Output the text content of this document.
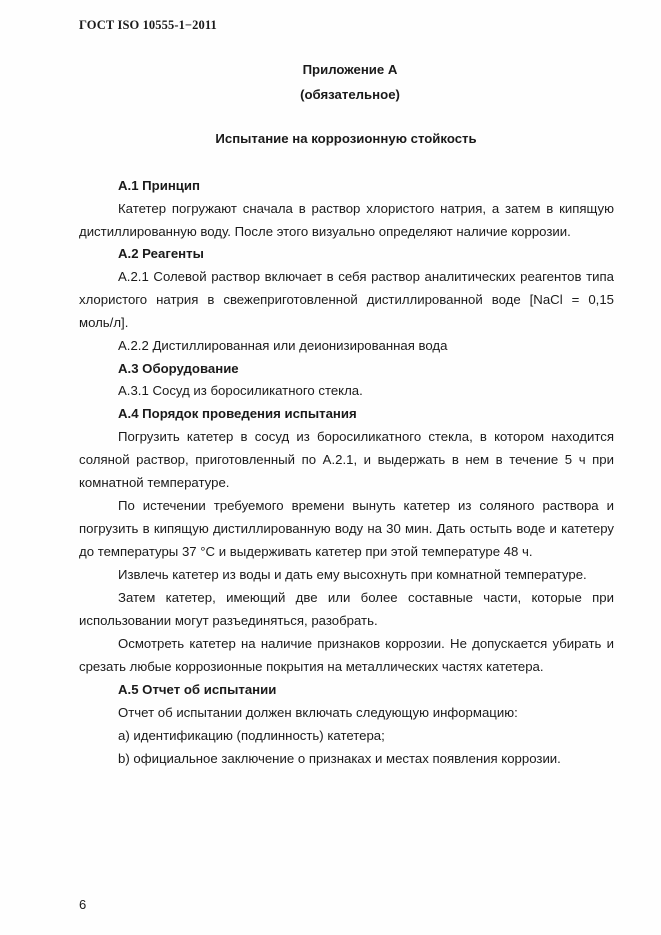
ГОСТ ISO 10555-1−2011
Приложение А
(обязательное)
Испытание на коррозионную стойкость
А.1 Принцип
Катетер погружают сначала в раствор хлористого натрия, а затем в кипящую
дистиллированную воду. После этого визуально определяют наличие коррозии.
А.2 Реагенты
А.2.1 Солевой раствор включает в себя раствор аналитических реагентов типа
хлористого натрия в свежеприготовленной дистиллированной воде [NaCl = 0,15
моль/л].
А.2.2 Дистиллированная или деионизированная вода
А.3 Оборудование
А.3.1 Сосуд из боросиликатного стекла.
А.4 Порядок проведения испытания
Погрузить катетер в сосуд из боросиликатного стекла, в котором находится
соляной раствор, приготовленный по А.2.1, и выдержать в нем в течение 5 ч при
комнатной температуре.
По истечении требуемого времени вынуть катетер из соляного раствора и
погрузить в кипящую дистиллированную воду на 30 мин. Дать остыть воде и катетеру
до температуры 37 °С и выдерживать катетер при этой температуре 48 ч.
Извлечь катетер из воды и дать ему высохнуть при комнатной температуре.
Затем катетер, имеющий две или более составные части, которые при
использовании могут разъединяться, разобрать.
Осмотреть катетер на наличие признаков коррозии. Не допускается убирать и
срезать любые коррозионные покрытия на металлических частях катетера.
А.5 Отчет об испытании
Отчет об испытании должен включать следующую информацию:
а) идентификацию (подлинность) катетера;
b) официальное заключение о признаках и местах появления коррозии.
6
